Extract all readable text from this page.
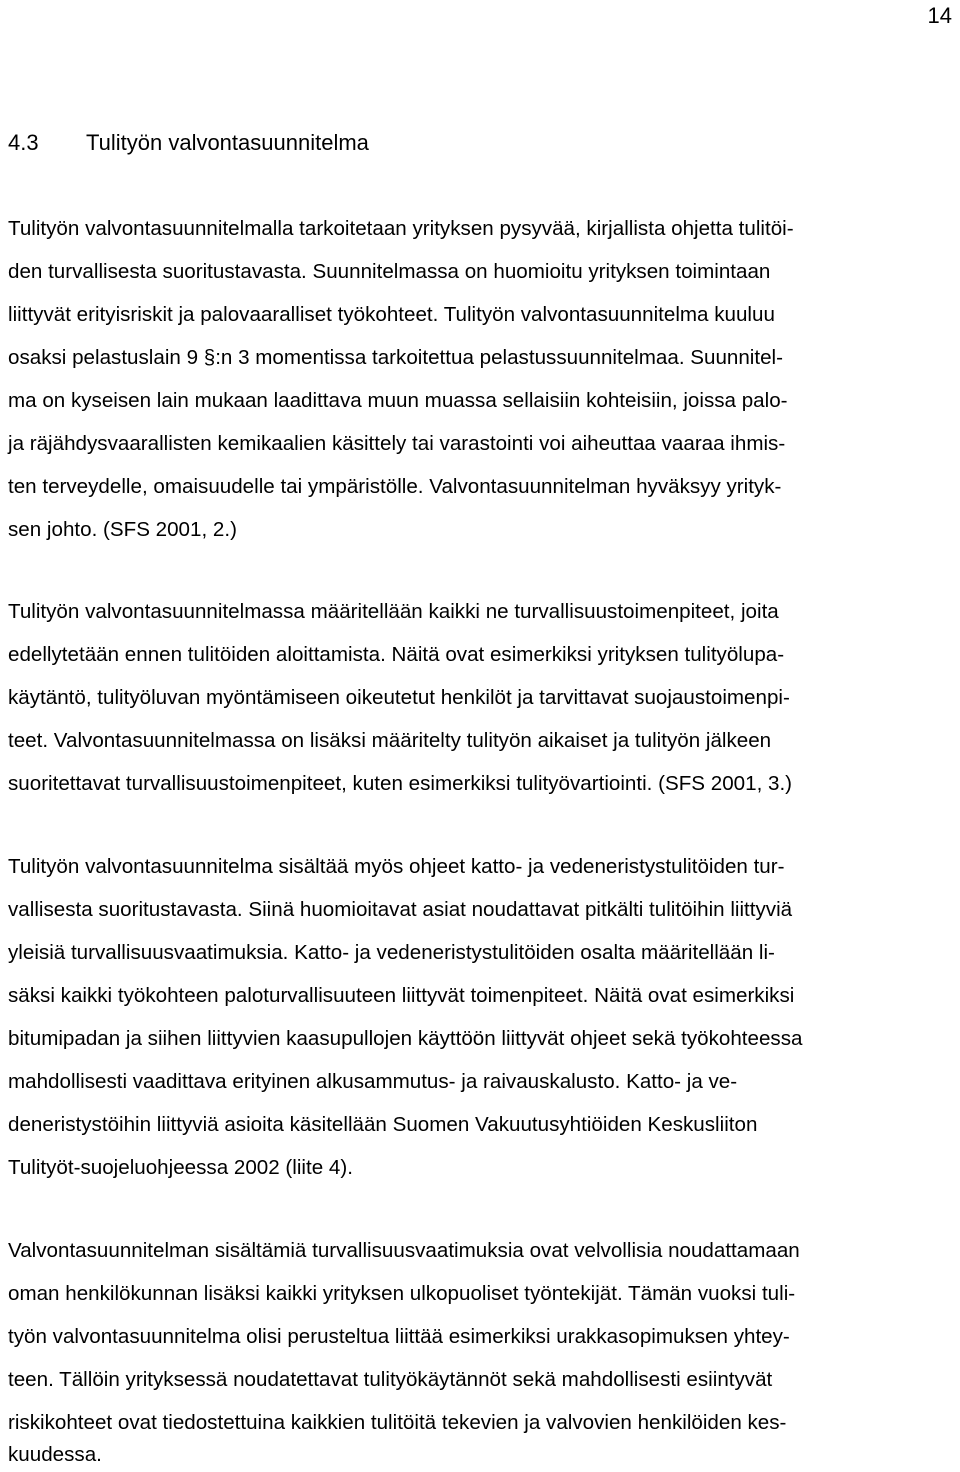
14
4.3 Tulityön valvontasuunnitelma
Tulityön valvontasuunnitelmalla tarkoitetaan yrityksen pysyvää, kirjallista ohjetta tulitöi-
den turvallisesta suoritustavasta. Suunnitelmassa on huomioitu yrityksen toimintaan
liittyvät erityisriskit ja palovaaralliset työkohteet. Tulityön valvontasuunnitelma kuuluu
osaksi pelastuslain 9 §:n 3 momentissa tarkoitettua pelastussuunnitelmaa. Suunnitel-
ma on kyseisen lain mukaan laadittava muun muassa sellaisiin kohteisiin, joissa palo-
ja räjähdysvaarallisten kemikaalien käsittely tai varastointi voi aiheuttaa vaaraa ihmis-
ten terveydelle, omaisuudelle tai ympäristölle. Valvontasuunnitelman hyväksyy yrityk-
sen johto. (SFS 2001, 2.)
Tulityön valvontasuunnitelmassa määritellään kaikki ne turvallisuustoimenpiteet, joita
edellytetään ennen tulitöiden aloittamista. Näitä ovat esimerkiksi yrityksen tulityölupa-
käytäntö, tulityöluvan myöntämiseen oikeutetut henkilöt ja tarvittavat suojaustoimenpi-
teet. Valvontasuunnitelmassa on lisäksi määritelty tulityön aikaiset ja tulityön jälkeen
suoritettavat turvallisuustoimenpiteet, kuten esimerkiksi tulityövartiointi. (SFS 2001, 3.)
Tulityön valvontasuunnitelma sisältää myös ohjeet katto- ja vedeneristystulitöiden tur-
vallisesta suoritustavasta. Siinä huomioitavat asiat noudattavat pitkälti tulitöihin liittyviä
yleisiä turvallisuusvaatimuksia. Katto- ja vedeneristystulitöiden osalta määritellään li-
säksi kaikki työkohteen paloturvallisuuteen liittyvät toimenpiteet. Näitä ovat esimerkiksi
bitumipadan ja siihen liittyvien kaasupullojen käyttöön liittyvät ohjeet sekä työkohteessa
mahdollisesti vaadittava erityinen alkusammutus- ja raivauskalusto. Katto- ja ve-
deneristystöihin liittyviä asioita käsitellään Suomen Vakuutusyhtiöiden Keskusliiton
Tulityöt-suojeluohjeessa 2002 (liite 4).
Valvontasuunnitelman sisältämiä turvallisuusvaatimuksia ovat velvollisia noudattamaan
oman henkilökunnan lisäksi kaikki yrityksen ulkopuoliset työntekijät. Tämän vuoksi tuli-
työn valvontasuunnitelma olisi perusteltua liittää esimerkiksi urakkasopimuksen yhtey-
teen. Tällöin yrityksessä noudatettavat tulityökäytännöt sekä mahdollisesti esiintyvät
riskikohteet ovat tiedostettuina kaikkien tulitöitä tekevien ja valvovien henkilöiden kes-
kuudessa.
